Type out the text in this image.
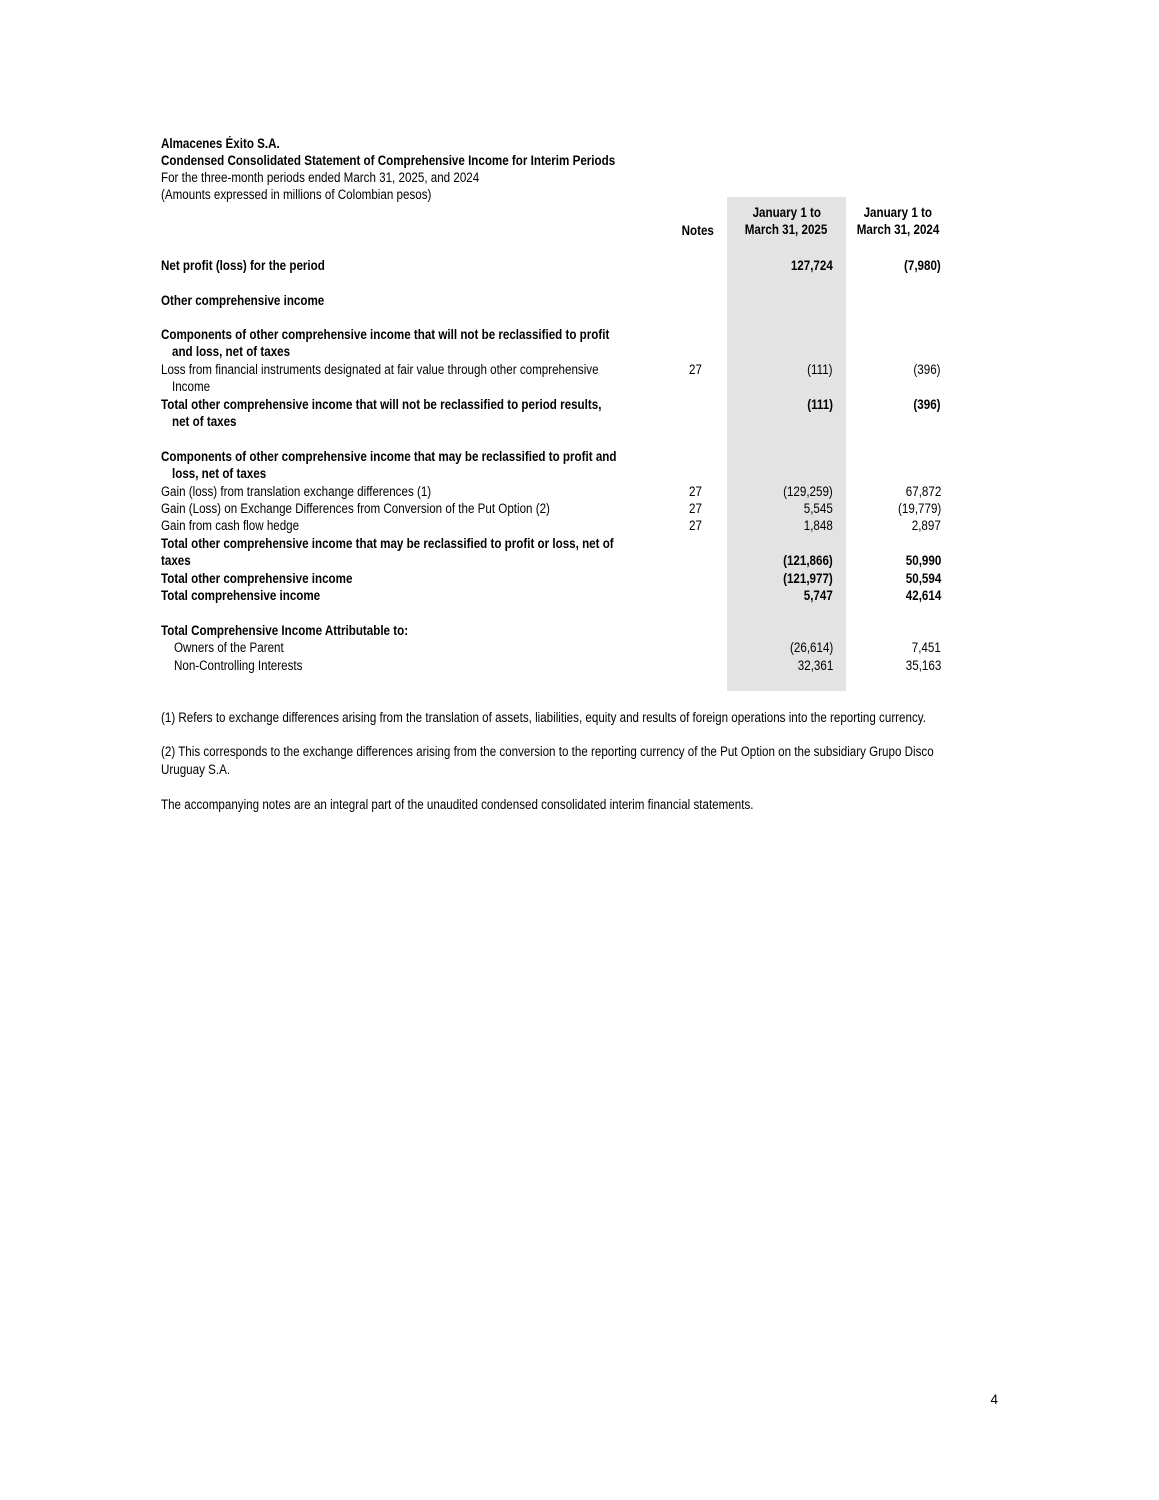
Almacenes Éxito S.A.
Condensed Consolidated Statement of Comprehensive Income for Interim Periods
For the three-month periods ended March 31, 2025, and 2024
(Amounts expressed in millions of Colombian pesos)
Notes
January 1 to
March 31, 2025
January 1 to
March 31, 2024
Net profit (loss) for the period	127,724	(7,980)
Other comprehensive income
Components of other comprehensive income that will not be reclassified to profit
and loss, net of taxes
Loss from financial instruments designated at fair value through other comprehensive
Income
27	(111)	(396)
Total other comprehensive income that will not be reclassified to period results,
net of taxes
(111)	(396)
Components of other comprehensive income that may be reclassified to profit and
loss, net of taxes
Gain (loss) from translation exchange differences (1)	27	(129,259)	67,872
Gain (Loss) on Exchange Differences from Conversion of the Put Option (2)	27	5,545	(19,779)
Gain from cash flow hedge	27	1,848	2,897
Total other comprehensive income that may be reclassified to profit or loss, net of
taxes	(121,866)	50,990
Total other comprehensive income	(121,977)	50,594
Total comprehensive income	5,747	42,614
Total Comprehensive Income Attributable to:
Owners of the Parent	(26,614)	7,451
Non-Controlling Interests	32,361	35,163
(1) Refers to exchange differences arising from the translation of assets, liabilities, equity and results of foreign operations into the reporting currency.
(2) This corresponds to the exchange differences arising from the conversion to the reporting currency of the Put Option on the subsidiary Grupo Disco
Uruguay S.A.
The accompanying notes are an integral part of the unaudited condensed consolidated interim financial statements.
4
